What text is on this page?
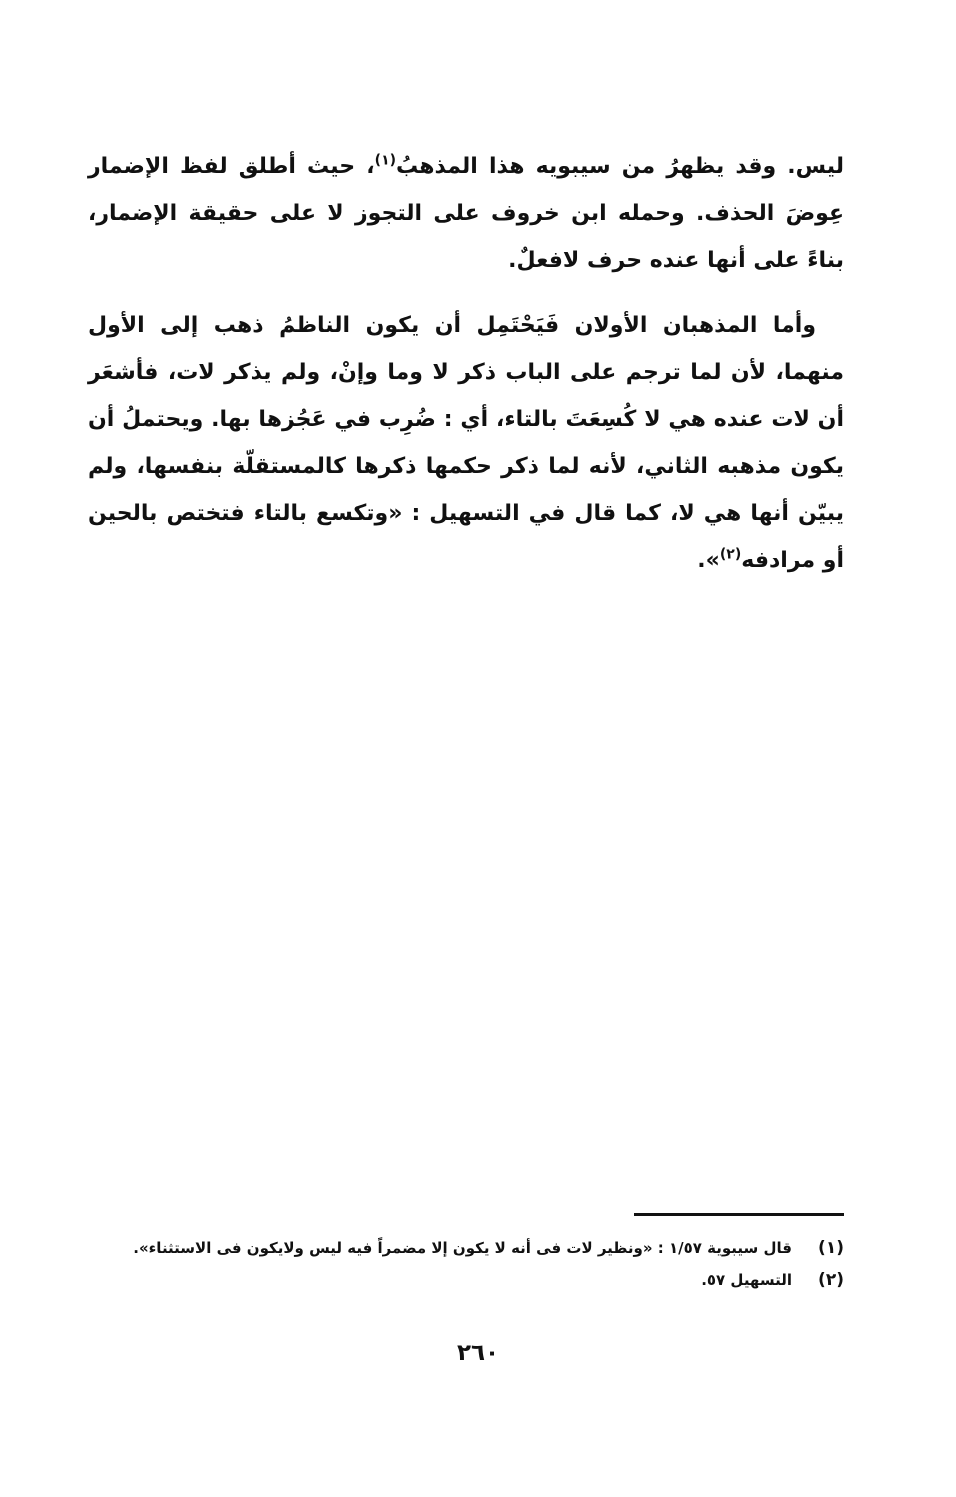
ليس. وقد يظهرُ من سيبويه هذا المذهبُ$^{(١)}$، حيث أطلق لفظ الإضمار عِوضَ الحذف. وحمله ابن خروف على التجوز لا على حقيقة الإضمار، بناءً على أنها عنده حرف لافعلٌ.

وأما المذهبان الأولان فَيَحْتَمِل أن يكون الناظمُ ذهب إلى الأول منهما، لأن لما ترجم على الباب ذكر لا وما وإنْ، ولم يذكر لات، فأشعَر أن لات عنده هي لا كُسِعَتَ بالتاء، أي : ضُرِب في عَجُزها بها. ويحتملُ أن يكون مذهبه الثاني، لأنه لما ذكر حكمها ذكرها كالمستقلّة بنفسها، ولم يبيّن أنها هي لا، كما قال في التسهيل : «وتكسع بالتاء فتختص بالحين أو مرادفه$^{(٢)}$».

(١)
قال سيبوية ١/٥٧ : «ونظير لات فى أنه لا يكون إلا مضمراً فيه ليس ولايكون فى الاستثناء».
(٢)
التسهيل ٥٧.
٢٦٠
